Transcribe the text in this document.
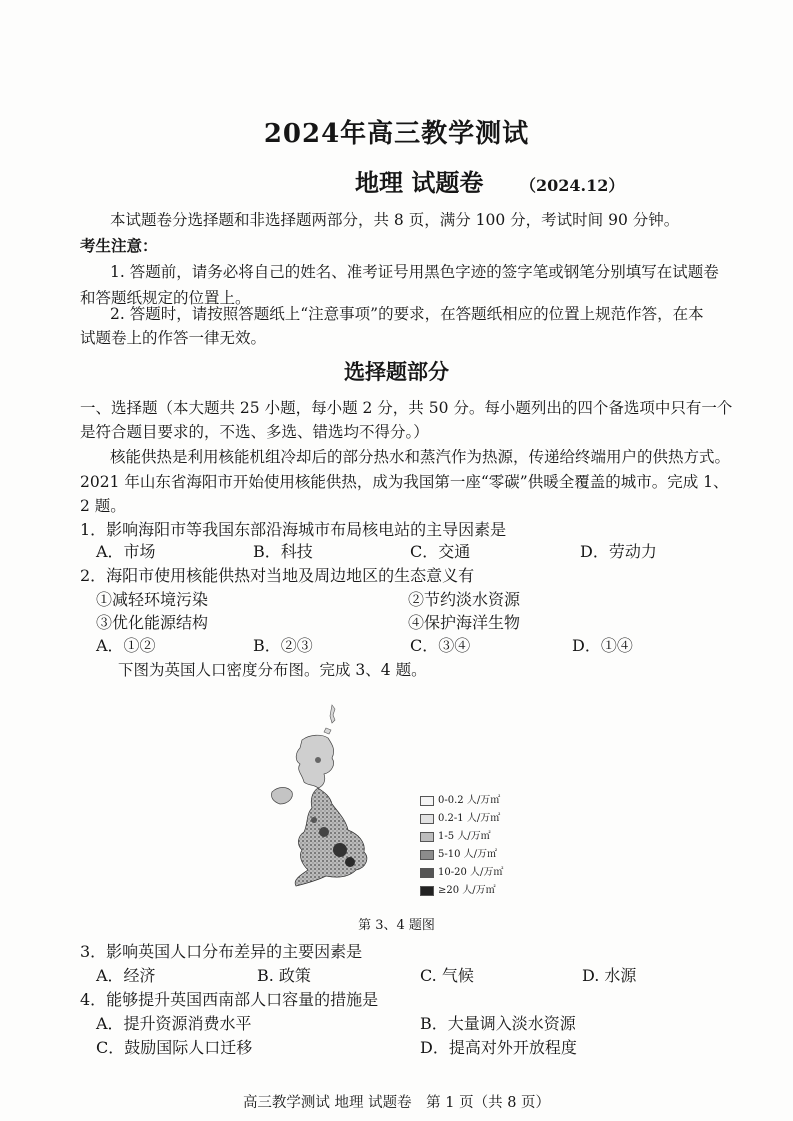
2024年高三教学测试
地理 试题卷 （2024.12）
本试题卷分选择题和非选择题两部分，共 8 页，满分 100 分，考试时间 90 分钟。
考生注意：
1. 答题前，请务必将自己的姓名、准考证号用黑色字迹的签字笔或钢笔分别填写在试题卷
和答题纸规定的位置上。
2. 答题时，请按照答题纸上“注意事项”的要求，在答题纸相应的位置上规范作答，在本
试题卷上的作答一律无效。
选择题部分
一、选择题（本大题共 25 小题，每小题 2 分，共 50 分。每小题列出的四个备选项中只有一个
是符合题目要求的，不选、多选、错选均不得分。）
核能供热是利用核能机组冷却后的部分热水和蒸汽作为热源，传递给终端用户的供热方式。
2021 年山东省海阳市开始使用核能供热，成为我国第一座“零碳”供暖全覆盖的城市。完成 1、
2 题。
1．影响海阳市等我国东部沿海城市布局核电站的主导因素是
A．市场	B．科技	C．交通	D．劳动力
2．海阳市使用核能供热对当地及周边地区的生态意义有
①减轻环境污染	②节约淡水资源
③优化能源结构	④保护海洋生物
A．①②	B．②③	C．③④	D．①④
下图为英国人口密度分布图。完成 3、4 题。
0-0.2 人/万㎡
0.2-1 人/万㎡
1-5 人/万㎡
5-10 人/万㎡
10-20 人/万㎡
≥20 人/万㎡
第 3、4 题图
3．影响英国人口分布差异的主要因素是
A．经济	B. 政策	C. 气候	D. 水源
4．能够提升英国西南部人口容量的措施是
A．提升资源消费水平	B．大量调入淡水资源
C．鼓励国际人口迁移	D．提高对外开放程度
高三教学测试 地理 试题卷　第 1 页（共 8 页）
